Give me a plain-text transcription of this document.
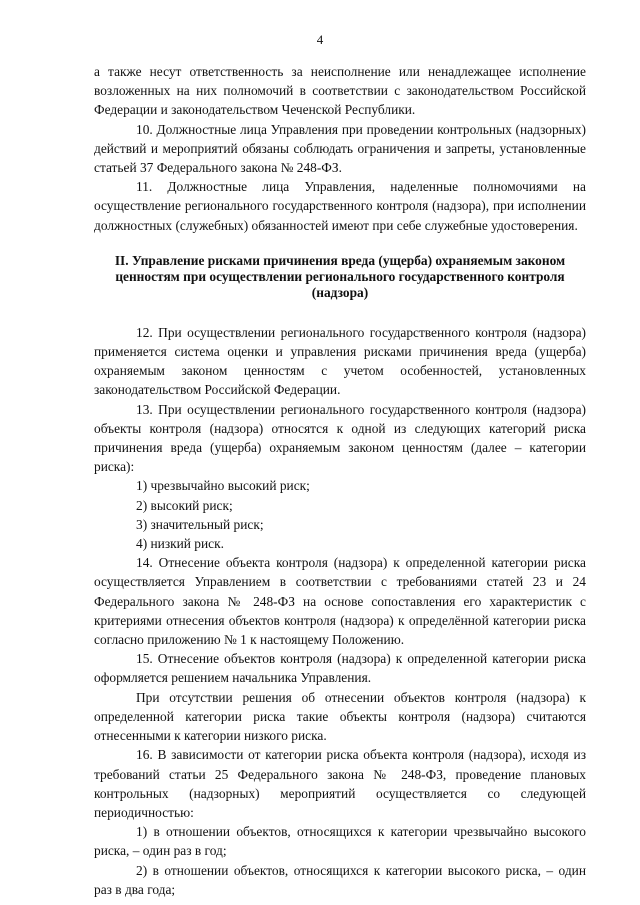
4

а также несут ответственность за неисполнение или ненадлежащее исполнение возложенных на них полномочий в соответствии с законодательством Российской Федерации и законодательством Чеченской Республики.

10. Должностные лица Управления при проведении контрольных (надзорных) действий и мероприятий обязаны соблюдать ограничения и запреты, установленные статьей 37 Федерального закона № 248-ФЗ.

11. Должностные лица Управления, наделенные полномочиями на осуществление регионального государственного контроля (надзора), при исполнении должностных (служебных) обязанностей имеют при себе служебные удостоверения.

II. Управление рисками причинения вреда (ущерба) охраняемым законом ценностям при осуществлении регионального государственного контроля (надзора)

12. При осуществлении регионального государственного контроля (надзора) применяется система оценки и управления рисками причинения вреда (ущерба) охраняемым законом ценностям с учетом особенностей, установленных законодательством Российской Федерации.

13. При осуществлении регионального государственного контроля (надзора) объекты контроля (надзора) относятся к одной из следующих категорий риска причинения вреда (ущерба) охраняемым законом ценностям (далее – категории риска):

1) чрезвычайно высокий риск;

2) высокий риск;

3) значительный риск;

4) низкий риск.

14. Отнесение объекта контроля (надзора) к определенной категории риска осуществляется Управлением в соответствии с требованиями статей 23 и 24 Федерального закона № 248-ФЗ на основе сопоставления его характеристик с критериями отнесения объектов контроля (надзора) к определённой категории риска согласно приложению № 1 к настоящему Положению.

15. Отнесение объектов контроля (надзора) к определенной категории риска оформляется решением начальника Управления.

При отсутствии решения об отнесении объектов контроля (надзора) к определенной категории риска такие объекты контроля (надзора) считаются отнесенными к категории низкого риска.

16. В зависимости от категории риска объекта контроля (надзора), исходя из требований статьи 25 Федерального закона № 248-ФЗ, проведение плановых контрольных (надзорных) мероприятий осуществляется со следующей периодичностью:

1) в отношении объектов, относящихся к категории чрезвычайно высокого риска, – один раз в год;

2) в отношении объектов, относящихся к категории высокого риска, – один раз в два года;
